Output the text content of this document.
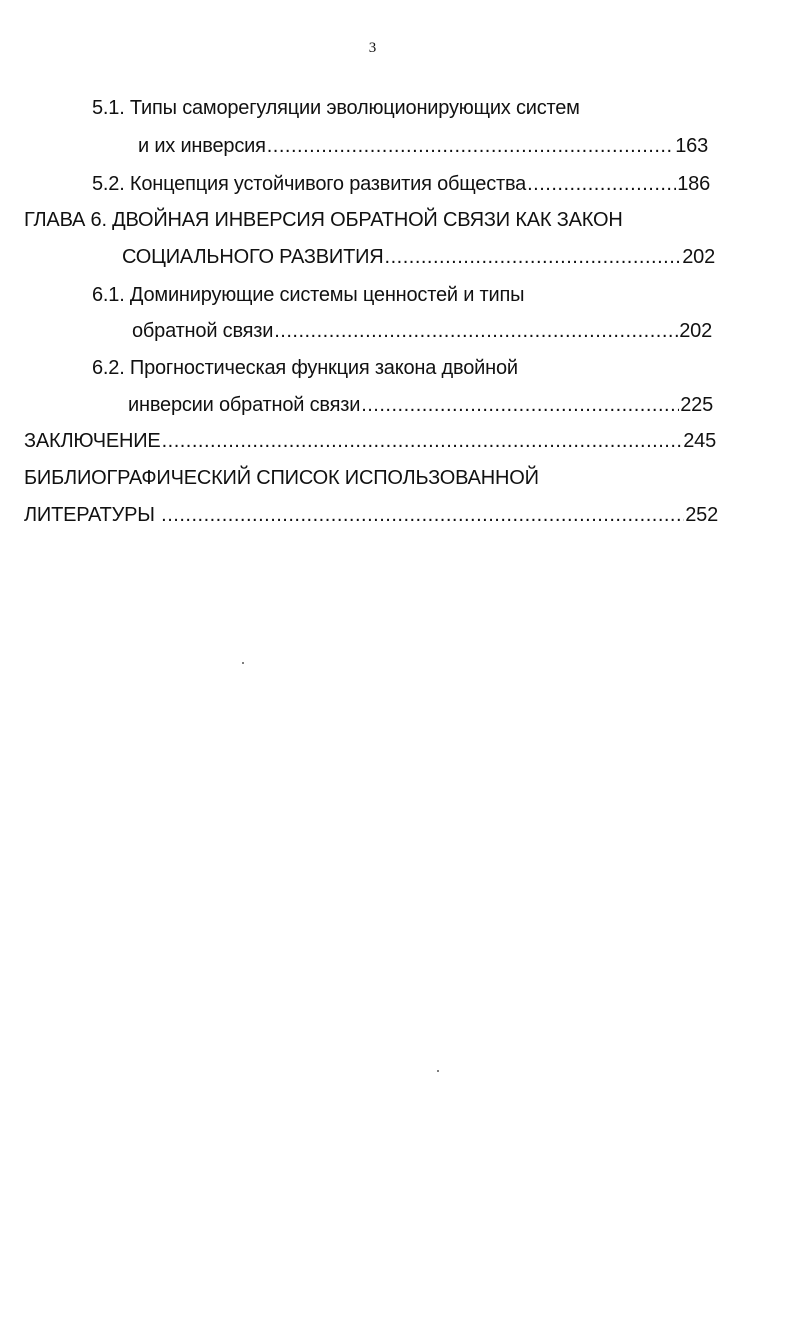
3
5.1. Типы саморегуляции эволюционирующих систем
и их инверсия .....	163
5.2. Концепция устойчивого развития общества .....	186
ГЛАВА 6. ДВОЙНАЯ ИНВЕРСИЯ ОБРАТНОЙ СВЯЗИ КАК ЗАКОН
СОЦИАЛЬНОГО РАЗВИТИЯ .....	202
6.1. Доминирующие системы ценностей и типы
обратной связи .....	202
6.2. Прогностическая функция закона двойной
инверсии обратной связи .....	225
ЗАКЛЮЧЕНИЕ .....	245
БИБЛИОГРАФИЧЕСКИЙ СПИСОК ИСПОЛЬЗОВАННОЙ
ЛИТЕРАТУРЫ .....	252
